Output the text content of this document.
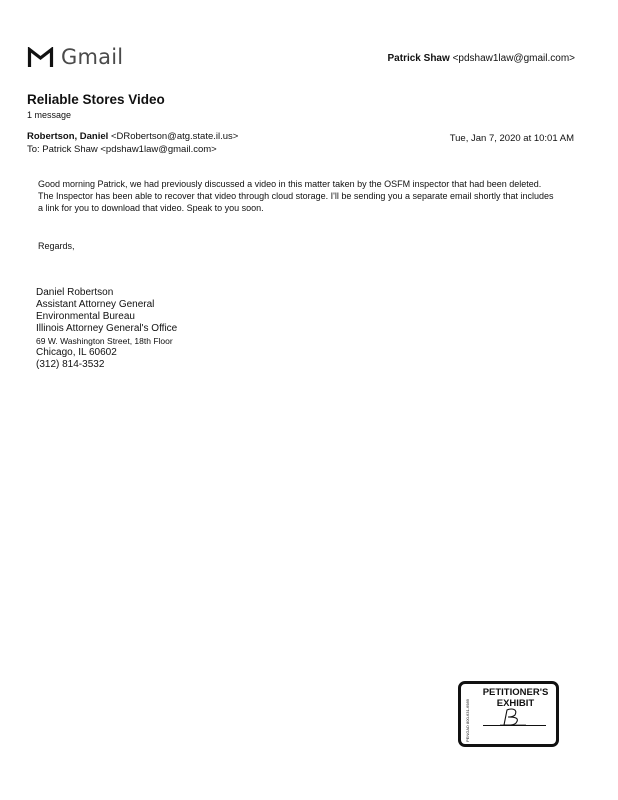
Gmail	Patrick Shaw <pdshaw1law@gmail.com>
Reliable Stores Video
1 message
Robertson, Daniel <DRobertson@atg.state.il.us>
To: Patrick Shaw <pdshaw1law@gmail.com>
Tue, Jan 7, 2020 at 10:01 AM

Good morning Patrick, we had previously discussed a video in this matter taken by the OSFM inspector that had been deleted. The Inspector has been able to recover that video through cloud storage. I'll be sending you a separate email shortly that includes a link for you to download that video. Speak to you soon.

Regards,
Daniel Robertson
Assistant Attorney General
Environmental Bureau
Illinois Attorney General's Office
69 W. Washington Street, 18th Floor
Chicago, IL 60602
(312) 814-3532
PENGAD 800-631-6989
PETITIONER'S
EXHIBIT
